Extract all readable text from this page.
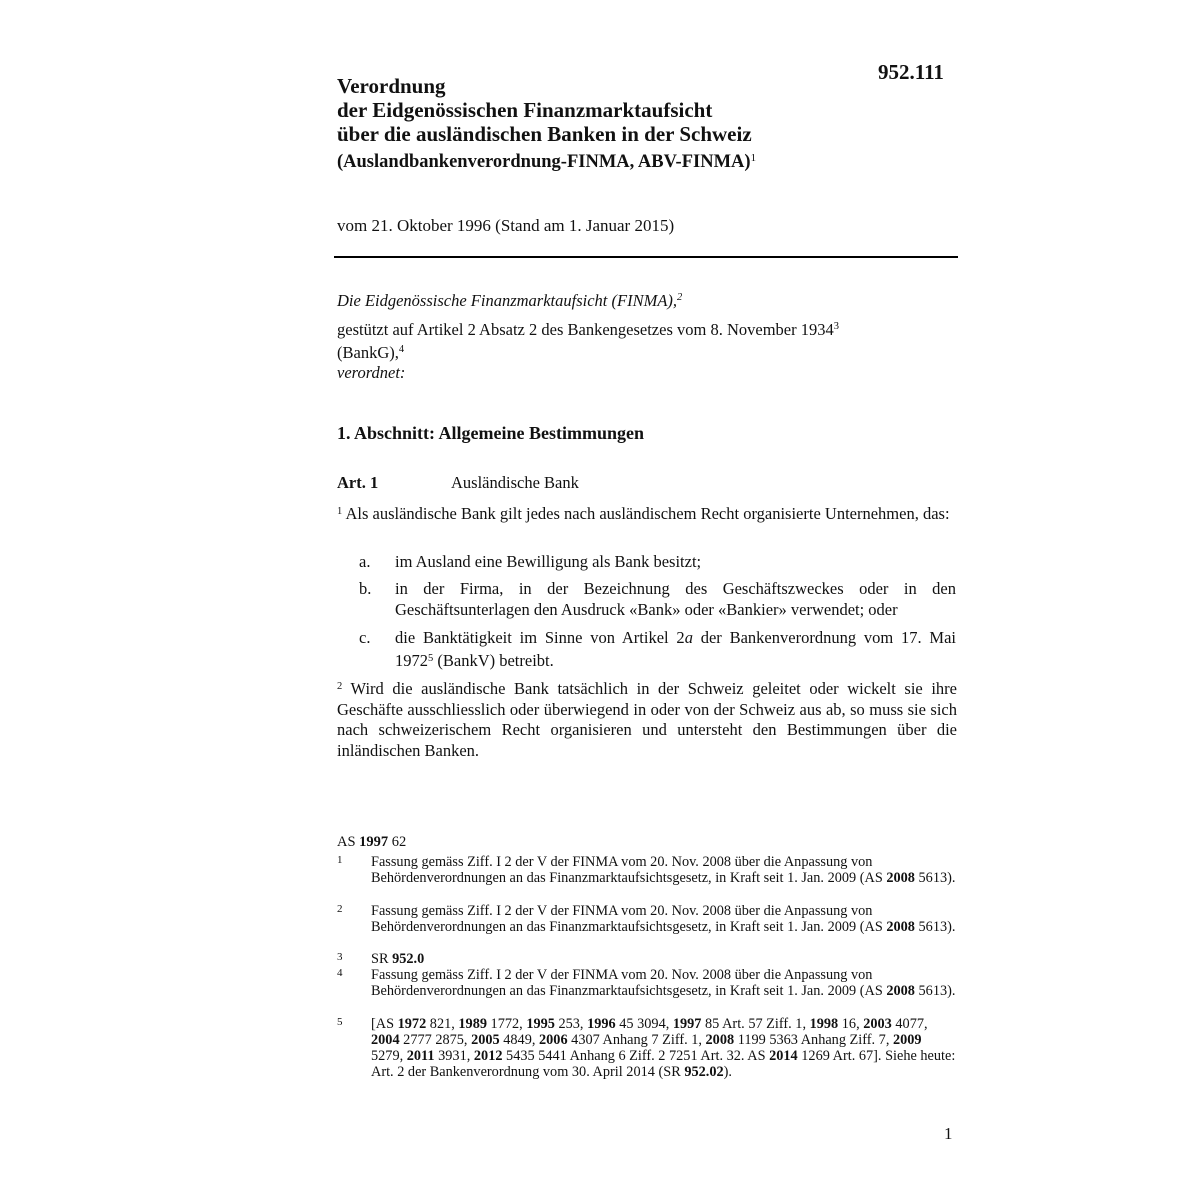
952.111
Verordnung
der Eidgenössischen Finanzmarktaufsicht
über die ausländischen Banken in der Schweiz
(Auslandbankenverordnung-FINMA, ABV-FINMA)$^1$
vom 21. Oktober 1996 (Stand am 1. Januar 2015)
Die Eidgenössische Finanzmarktaufsicht (FINMA),$^2$
gestützt auf Artikel 2 Absatz 2 des Bankengesetzes vom 8. November 1934$^3$
(BankG),$^4$
verordnet:
1. Abschnitt: Allgemeine Bestimmungen
Art. 1	Ausländische Bank
$^1$ Als ausländische Bank gilt jedes nach ausländischem Recht organisierte Unternehmen, das:
a. im Ausland eine Bewilligung als Bank besitzt;
b. in der Firma, in der Bezeichnung des Geschäftszweckes oder in den Geschäftsunterlagen den Ausdruck «Bank» oder «Bankier» verwendet; oder
c. die Banktätigkeit im Sinne von Artikel 2a der Bankenverordnung vom 17. Mai 1972$^5$ (BankV) betreibt.
$^2$ Wird die ausländische Bank tatsächlich in der Schweiz geleitet oder wickelt sie ihre Geschäfte ausschliesslich oder überwiegend in oder von der Schweiz aus ab, so muss sie sich nach schweizerischem Recht organisieren und untersteht den Bestimmungen über die inländischen Banken.
AS 1997 62
1 Fassung gemäss Ziff. I 2 der V der FINMA vom 20. Nov. 2008 über die Anpassung von Behördenverordnungen an das Finanzmarktaufsichtsgesetz, in Kraft seit 1. Jan. 2009 (AS 2008 5613).
2 Fassung gemäss Ziff. I 2 der V der FINMA vom 20. Nov. 2008 über die Anpassung von Behördenverordnungen an das Finanzmarktaufsichtsgesetz, in Kraft seit 1. Jan. 2009 (AS 2008 5613).
3 SR 952.0
4 Fassung gemäss Ziff. I 2 der V der FINMA vom 20. Nov. 2008 über die Anpassung von Behördenverordnungen an das Finanzmarktaufsichtsgesetz, in Kraft seit 1. Jan. 2009 (AS 2008 5613).
5 [AS 1972 821, 1989 1772, 1995 253, 1996 45 3094, 1997 85 Art. 57 Ziff. 1, 1998 16, 2003 4077, 2004 2777 2875, 2005 4849, 2006 4307 Anhang 7 Ziff. 1, 2008 1199 5363 Anhang Ziff. 7, 2009 5279, 2011 3931, 2012 5435 5441 Anhang 6 Ziff. 2 7251 Art. 32. AS 2014 1269 Art. 67]. Siehe heute: Art. 2 der Bankenverordnung vom 30. April 2014 (SR 952.02).
1
